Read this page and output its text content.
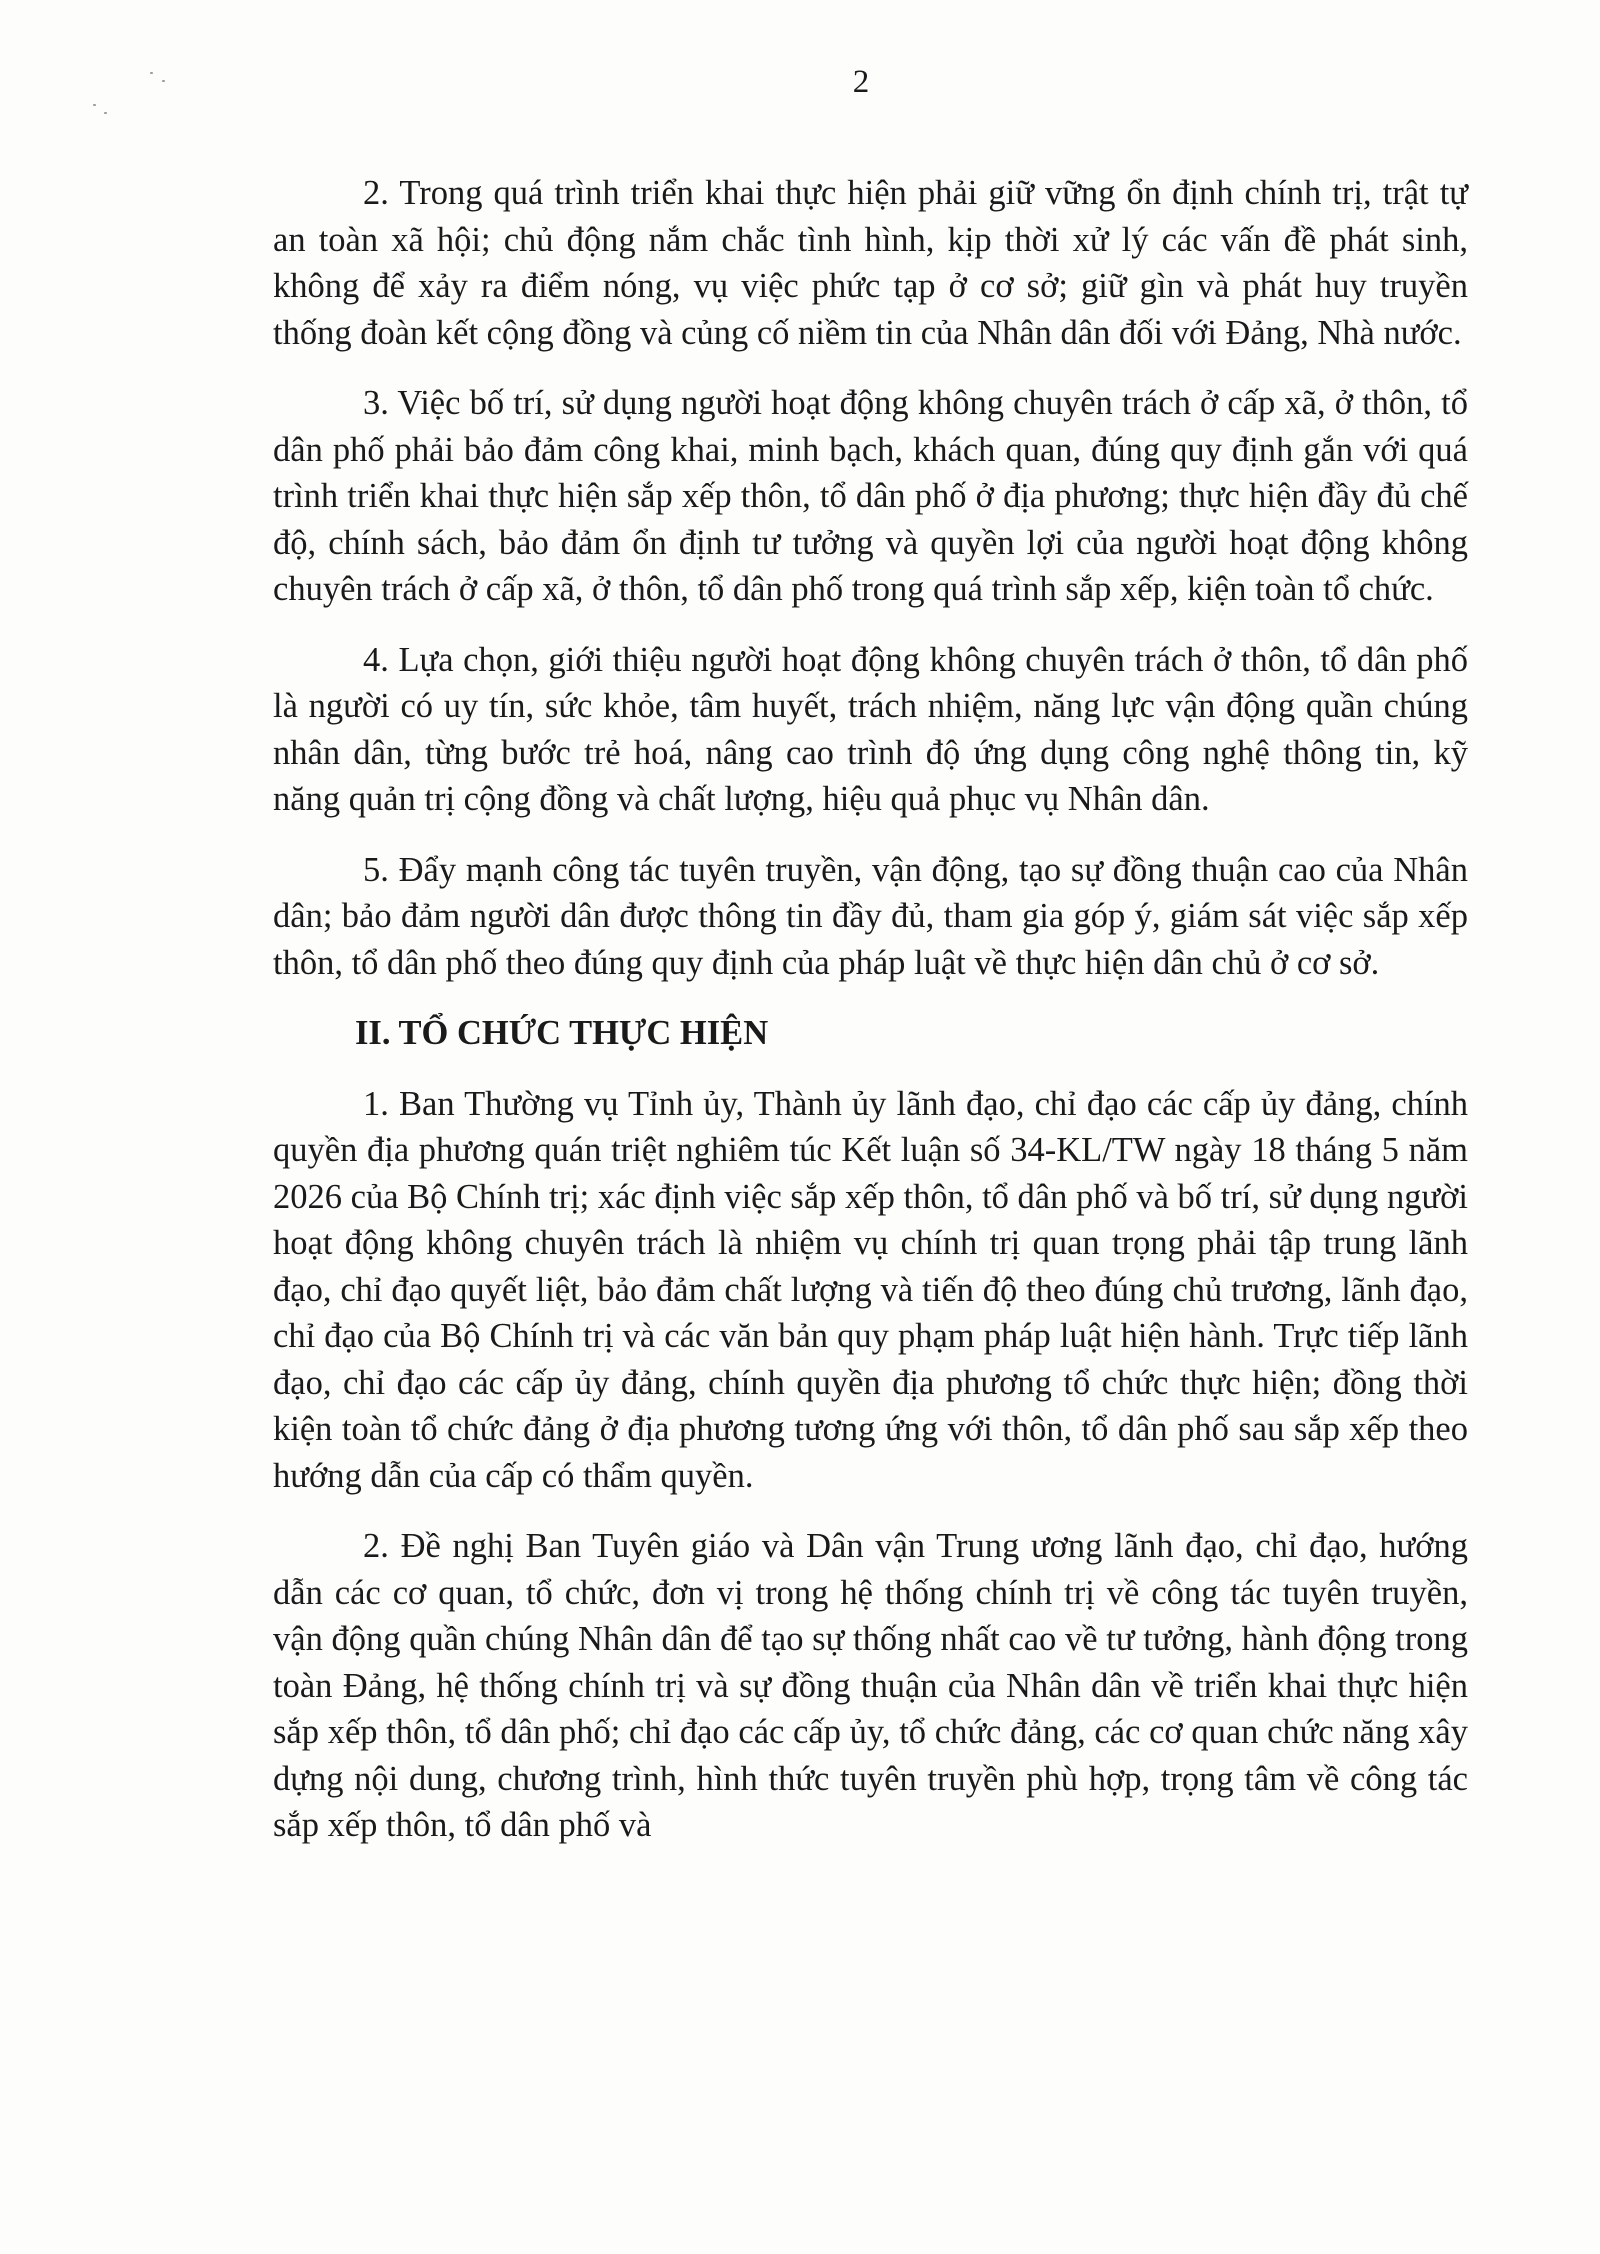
2

2. Trong quá trình triển khai thực hiện phải giữ vững ổn định chính trị, trật tự an toàn xã hội; chủ động nắm chắc tình hình, kịp thời xử lý các vấn đề phát sinh, không để xảy ra điểm nóng, vụ việc phức tạp ở cơ sở; giữ gìn và phát huy truyền thống đoàn kết cộng đồng và củng cố niềm tin của Nhân dân đối với Đảng, Nhà nước.

3. Việc bố trí, sử dụng người hoạt động không chuyên trách ở cấp xã, ở thôn, tổ dân phố phải bảo đảm công khai, minh bạch, khách quan, đúng quy định gắn với quá trình triển khai thực hiện sắp xếp thôn, tổ dân phố ở địa phương; thực hiện đầy đủ chế độ, chính sách, bảo đảm ổn định tư tưởng và quyền lợi của người hoạt động không chuyên trách ở cấp xã, ở thôn, tổ dân phố trong quá trình sắp xếp, kiện toàn tổ chức.

4. Lựa chọn, giới thiệu người hoạt động không chuyên trách ở thôn, tổ dân phố là người có uy tín, sức khỏe, tâm huyết, trách nhiệm, năng lực vận động quần chúng nhân dân, từng bước trẻ hoá, nâng cao trình độ ứng dụng công nghệ thông tin, kỹ năng quản trị cộng đồng và chất lượng, hiệu quả phục vụ Nhân dân.

5. Đẩy mạnh công tác tuyên truyền, vận động, tạo sự đồng thuận cao của Nhân dân; bảo đảm người dân được thông tin đầy đủ, tham gia góp ý, giám sát việc sắp xếp thôn, tổ dân phố theo đúng quy định của pháp luật về thực hiện dân chủ ở cơ sở.

II. TỔ CHỨC THỰC HIỆN

1. Ban Thường vụ Tỉnh ủy, Thành ủy lãnh đạo, chỉ đạo các cấp ủy đảng, chính quyền địa phương quán triệt nghiêm túc Kết luận số 34-KL/TW ngày 18 tháng 5 năm 2026 của Bộ Chính trị; xác định việc sắp xếp thôn, tổ dân phố và bố trí, sử dụng người hoạt động không chuyên trách là nhiệm vụ chính trị quan trọng phải tập trung lãnh đạo, chỉ đạo quyết liệt, bảo đảm chất lượng và tiến độ theo đúng chủ trương, lãnh đạo, chỉ đạo của Bộ Chính trị và các văn bản quy phạm pháp luật hiện hành. Trực tiếp lãnh đạo, chỉ đạo các cấp ủy đảng, chính quyền địa phương tổ chức thực hiện; đồng thời kiện toàn tổ chức đảng ở địa phương tương ứng với thôn, tổ dân phố sau sắp xếp theo hướng dẫn của cấp có thẩm quyền.

2. Đề nghị Ban Tuyên giáo và Dân vận Trung ương lãnh đạo, chỉ đạo, hướng dẫn các cơ quan, tổ chức, đơn vị trong hệ thống chính trị về công tác tuyên truyền, vận động quần chúng Nhân dân để tạo sự thống nhất cao về tư tưởng, hành động trong toàn Đảng, hệ thống chính trị và sự đồng thuận của Nhân dân về triển khai thực hiện sắp xếp thôn, tổ dân phố; chỉ đạo các cấp ủy, tổ chức đảng, các cơ quan chức năng xây dựng nội dung, chương trình, hình thức tuyên truyền phù hợp, trọng tâm về công tác sắp xếp thôn, tổ dân phố và
